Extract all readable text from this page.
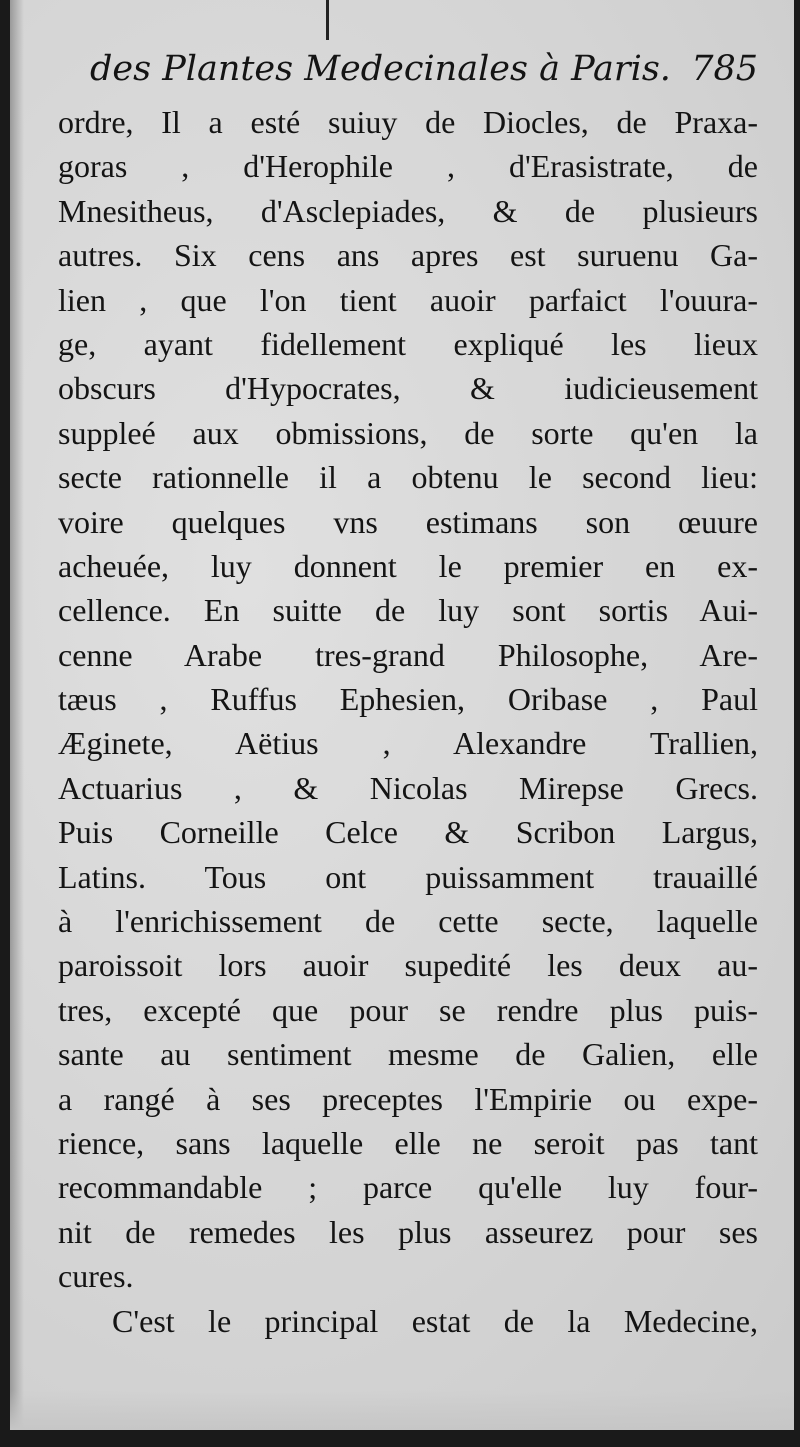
des Plantes Medecinales à Paris. 785
ordre, Il a esté suiuy de Diocles, de Praxa-
goras , d'Herophile , d'Erasistrate, de
Mnesitheus, d'Asclepiades, & de plusieurs
autres. Six cens ans apres est suruenu Ga-
lien , que l'on tient auoir parfaict l'ouura-
ge, ayant fidellement expliqué les lieux
obscurs d'Hypocrates, & iudicieusement
suppleé aux obmissions, de sorte qu'en la
secte rationnelle il a obtenu le second lieu:
voire quelques vns estimans son œuure
acheuée, luy donnent le premier en ex-
cellence. En suitte de luy sont sortis Aui-
cenne Arabe tres-grand Philosophe, Are-
tæus , Ruffus Ephesien, Oribase , Paul
Æginete, Aëtius , Alexandre Trallien,
Actuarius , & Nicolas Mirepse Grecs.
Puis Corneille Celce & Scribon Largus,
Latins. Tous ont puissamment trauaillé
à l'enrichissement de cette secte, laquelle
paroissoit lors auoir supedité les deux au-
tres, excepté que pour se rendre plus puis-
sante au sentiment mesme de Galien, elle
a rangé à ses preceptes l'Empirie ou expe-
rience, sans laquelle elle ne seroit pas tant
recommandable ; parce qu'elle luy four-
nit de remedes les plus asseurez pour ses
cures.
C'est le principal estat de la Medecine,
